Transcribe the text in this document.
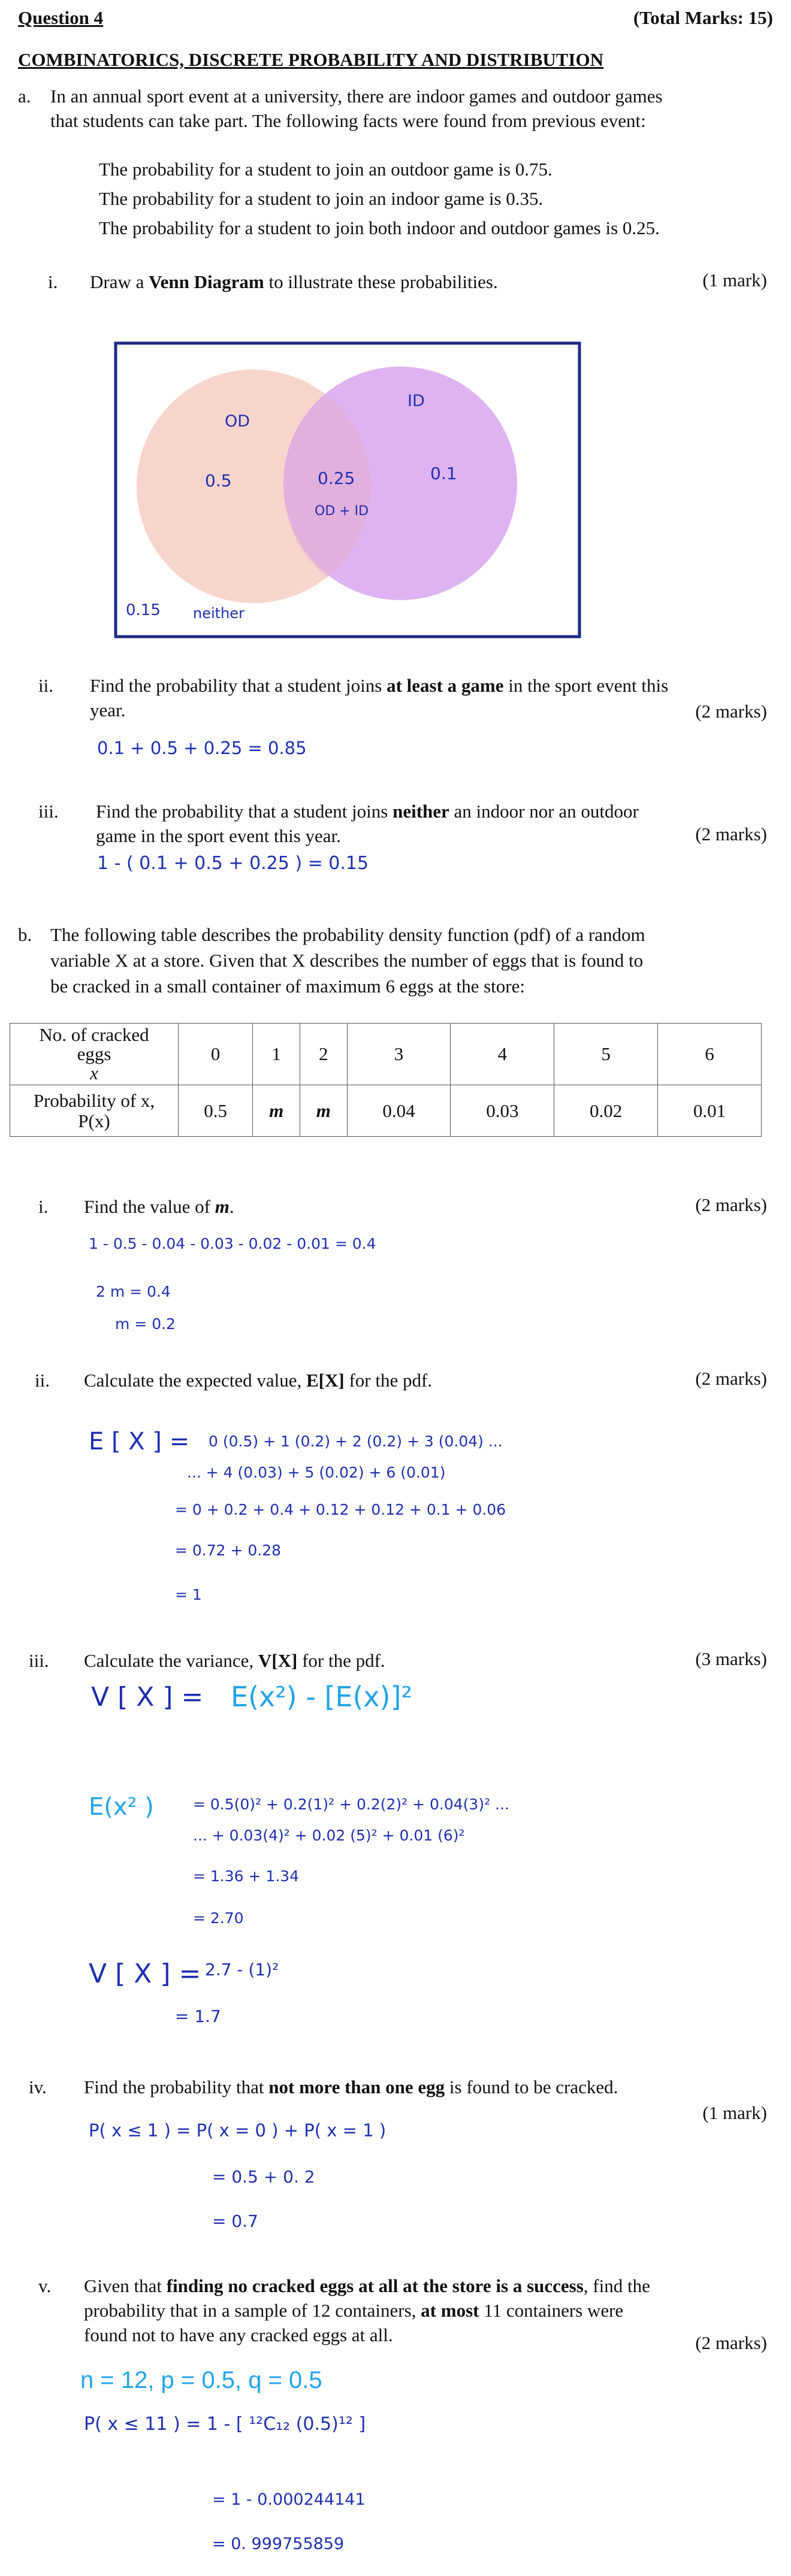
Question 4	(Total Marks: 15)
COMBINATORICS, DISCRETE PROBABILITY AND DISTRIBUTION
a. In an annual sport event at a university, there are indoor games and outdoor games
that students can take part. The following facts were found from previous event:
The probability for a student to join an outdoor game is 0.75.
The probability for a student to join an indoor game is 0.35.
The probability for a student to join both indoor and outdoor games is 0.25.
i. Draw a Venn Diagram to illustrate these probabilities.	(1 mark)
OD
ID
0.5	0.25
OD + ID
0.1
0.15 neither
ii. Find the probability that a student joins at least a game in the sport event this
year.	(2 marks)
0.1 + 0.5 + 0.25 = 0.85
iii. Find the probability that a student joins neither an indoor nor an outdoor
game in the sport event this year.	(2 marks)
1 - ( 0.1 + 0.5 + 0.25 ) = 0.15
b. The following table describes the probability density function (pdf) of a random
variable X at a store. Given that X describes the number of eggs that is found to
be cracked in a small container of maximum 6 eggs at the store:
No. of cracked
eggs
x	0	1	2	3	4	5	6

Probability of x,
P(x)	0.5	m	m	0.04	0.03	0.02	0.01
i. Find the value of m.	(2 marks)
1 - 0.5 - 0.04 - 0.03 - 0.02 - 0.01 = 0.4
2 m = 0.4
m = 0.2
ii. Calculate the expected value, E[X] for the pdf.	(2 marks)
E [ X ] = 0 (0.5) + 1 (0.2) + 2 (0.2) + 3 (0.04) ...
... + 4 (0.03) + 5 (0.02) + 6 (0.01)
= 0 + 0.2 + 0.4 + 0.12 + 0.12 + 0.1 + 0.06
= 0.72 + 0.28
= 1
iii. Calculate the variance, V[X] for the pdf.	(3 marks)
V [ X ] = E(x²) - [E(x)]²
E(x² )	= 0.5(0)² + 0.2(1)² + 0.2(2)² + 0.04(3)² ...
... + 0.03(4)² + 0.02 (5)² + 0.01 (6)²
= 1.36 + 1.34
= 2.70
V [ X ] = 2.7 - (1)²
= 1.7
iv. Find the probability that not more than one egg is found to be cracked.
(1 mark)
P( x ≤ 1 ) = P( x = 0 ) + P( x = 1 )
= 0.5 + 0. 2
= 0.7
v. Given that finding no cracked eggs at all at the store is a success, find the
probability that in a sample of 12 containers, at most 11 containers were
found not to have any cracked eggs at all.	(2 marks)
n = 12, p = 0.5, q = 0.5
P( x ≤ 11 ) = 1 - [ ¹²C₁₂ (0.5)¹² ]
= 1 - 0.000244141
= 0. 999755859
